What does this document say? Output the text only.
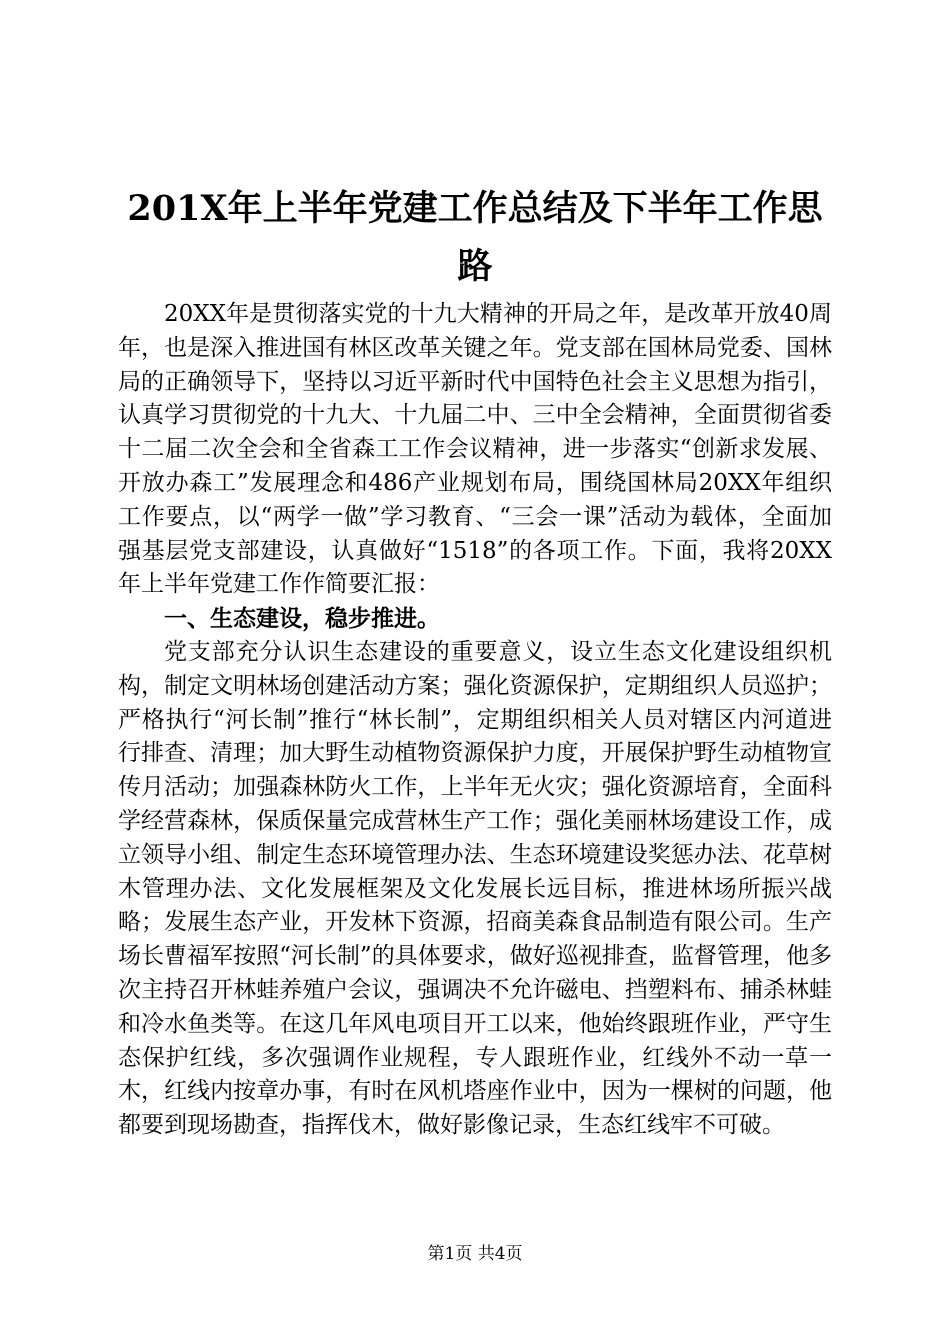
201X年上半年党建工作总结及下半年工作思路

20XX年是贯彻落实党的十九大精神的开局之年，是改革开放40周年，也是深入推进国有林区改革关键之年。党支部在国林局党委、国林局的正确领导下，坚持以习近平新时代中国特色社会主义思想为指引，认真学习贯彻党的十九大、十九届二中、三中全会精神，全面贯彻省委十二届二次全会和全省森工工作会议精神，进一步落实“创新求发展、开放办森工”发展理念和486产业规划布局，围绕国林局20XX年组织工作要点，以“两学一做”学习教育、“三会一课”活动为载体，全面加强基层党支部建设，认真做好“1518”的各项工作。下面，我将20XX年上半年党建工作作简要汇报：

一、生态建设，稳步推进。

党支部充分认识生态建设的重要意义，设立生态文化建设组织机构，制定文明林场创建活动方案；强化资源保护，定期组织人员巡护；严格执行“河长制”推行“林长制”，定期组织相关人员对辖区内河道进行排查、清理；加大野生动植物资源保护力度，开展保护野生动植物宣传月活动；加强森林防火工作，上半年无火灾；强化资源培育，全面科学经营森林，保质保量完成营林生产工作；强化美丽林场建设工作，成立领导小组、制定生态环境管理办法、生态环境建设奖惩办法、花草树木管理办法、文化发展框架及文化发展长远目标，推进林场所振兴战略；发展生态产业，开发林下资源，招商美森食品制造有限公司。生产场长曹福军按照“河长制”的具体要求，做好巡视排查，监督管理，他多次主持召开林蛙养殖户会议，强调决不允许磁电、挡塑料布、捕杀林蛙和冷水鱼类等。在这几年风电项目开工以来，他始终跟班作业，严守生态保护红线，多次强调作业规程，专人跟班作业，红线外不动一草一木，红线内按章办事，有时在风机塔座作业中，因为一棵树的问题，他都要到现场勘查，指挥伐木，做好影像记录，生态红线牢不可破。

第1页 共4页
